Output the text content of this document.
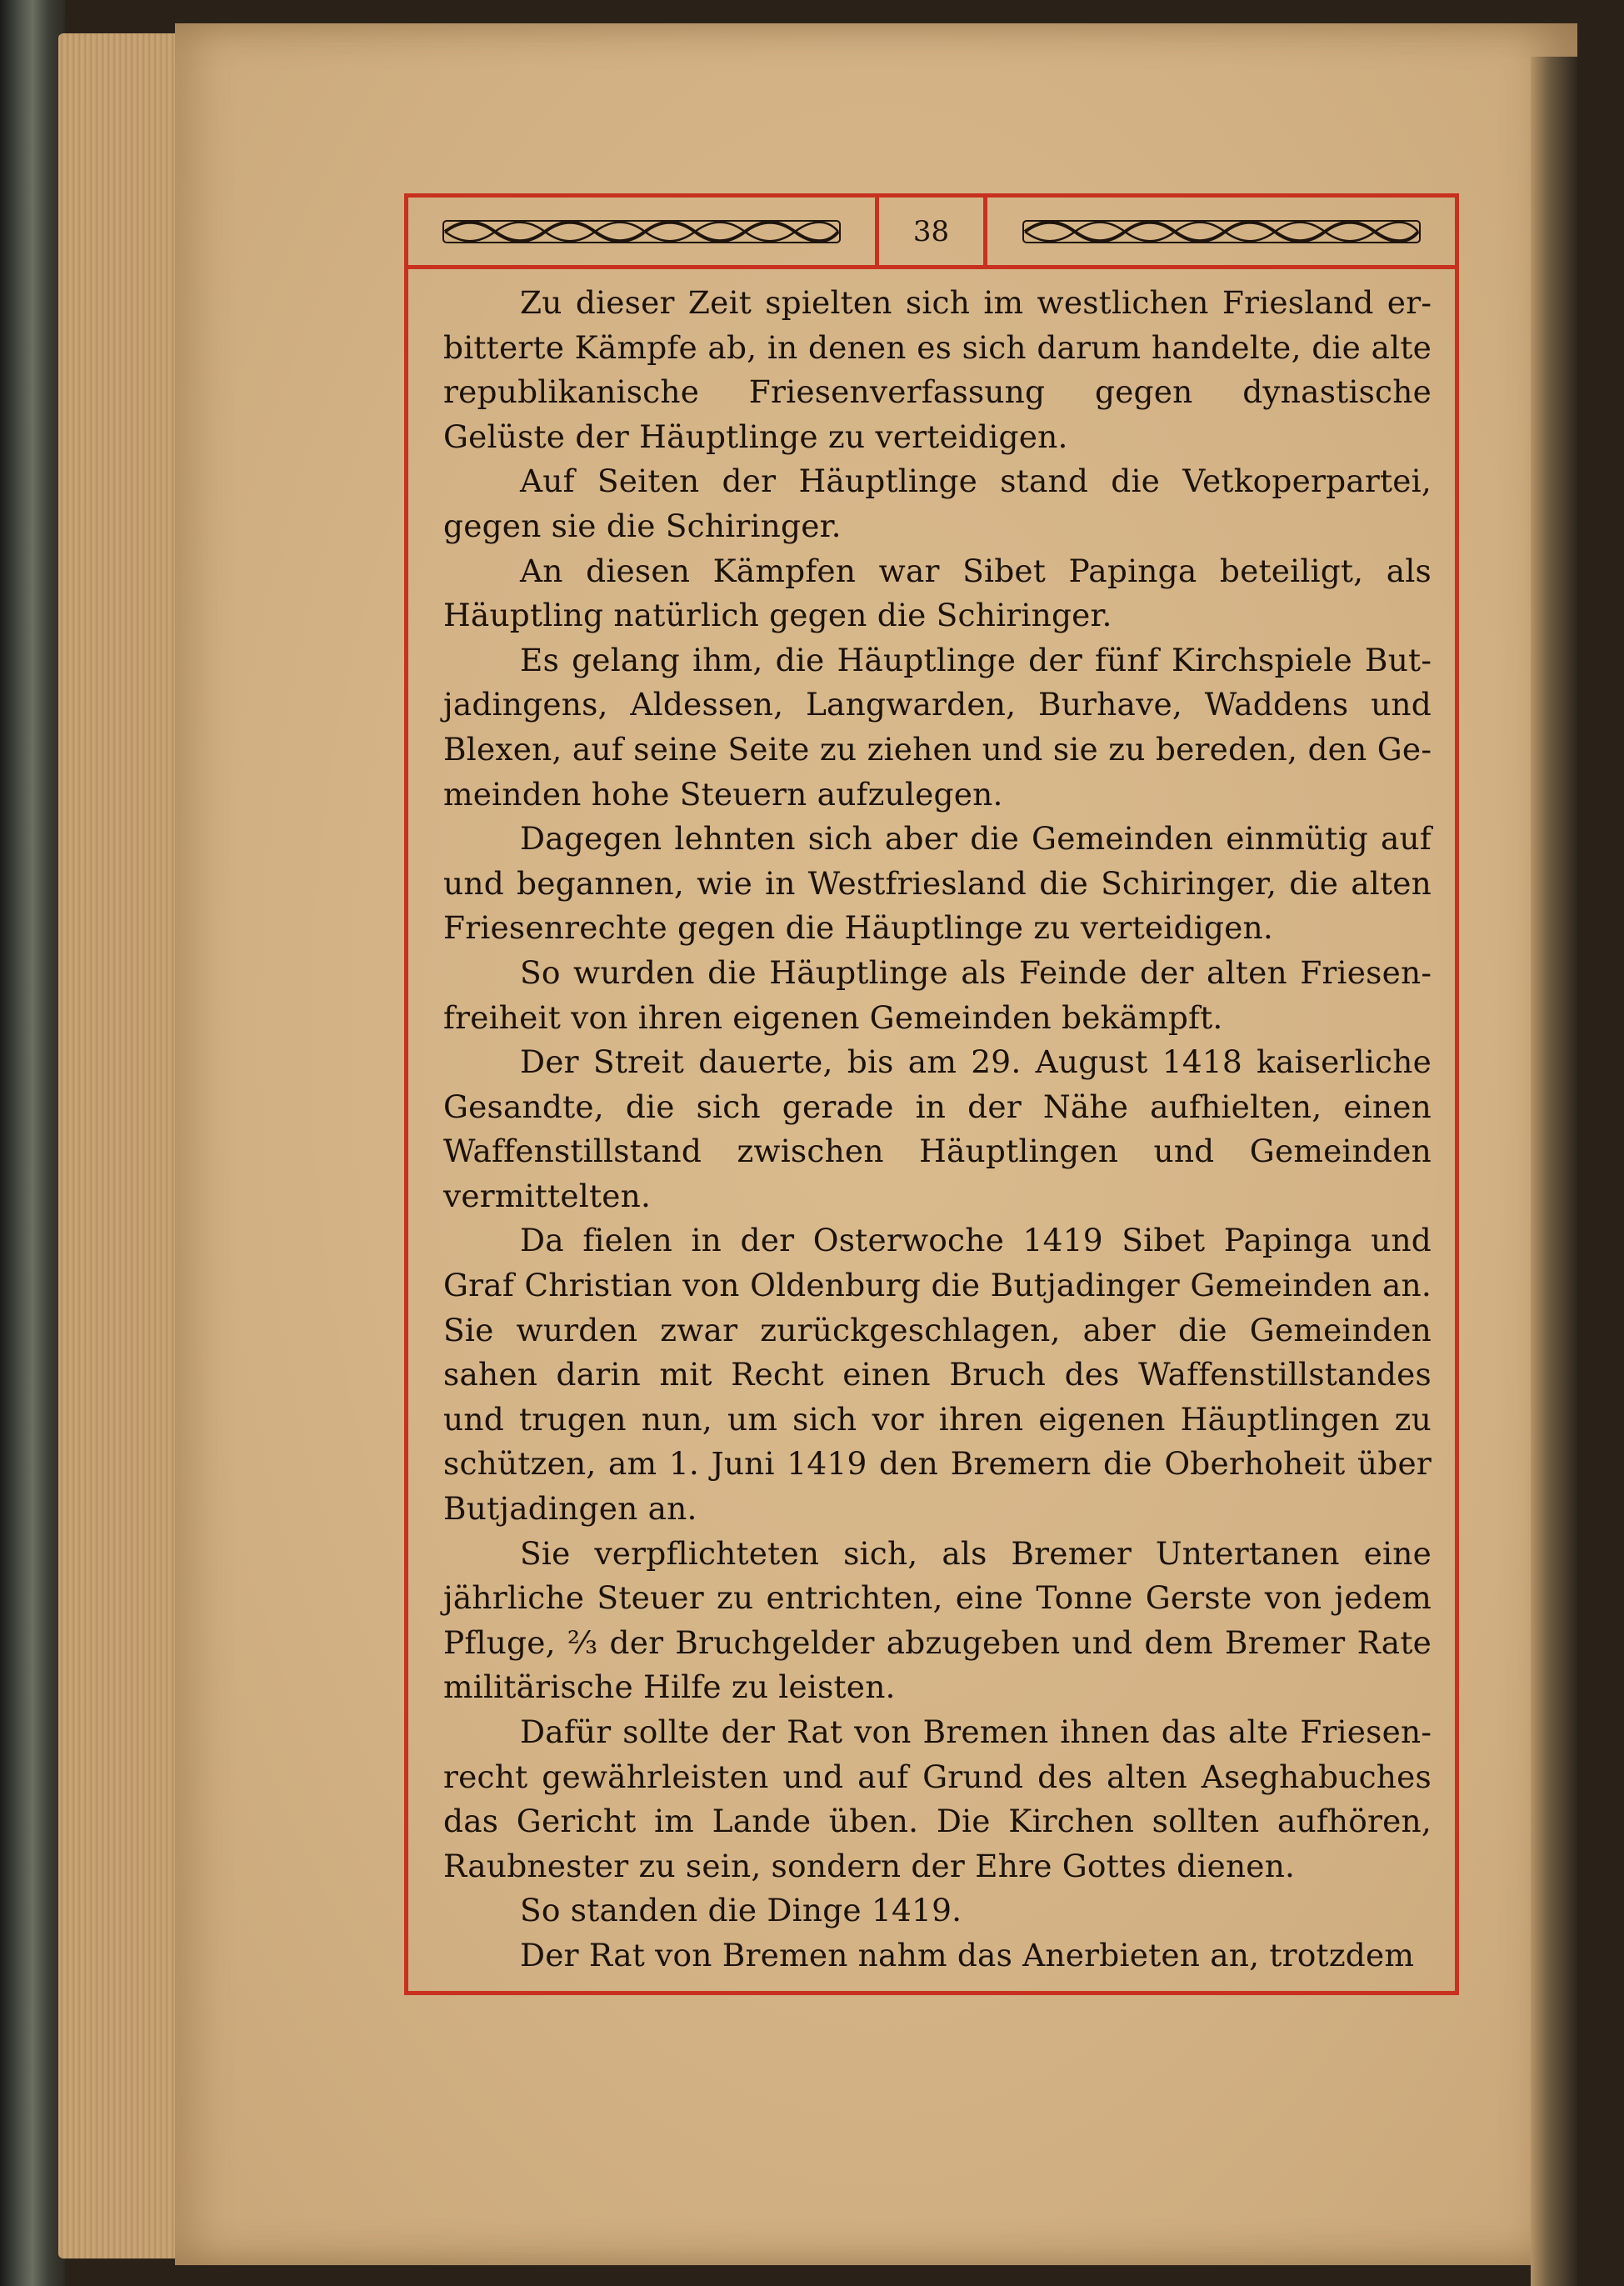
38

Zu dieser Zeit spielten sich im westlichen Friesland erbitterte Kämpfe ab, in denen es sich darum handelte, die alte republikanische Friesenverfassung gegen dynastische Gelüste der Häuptlinge zu verteidigen.

Auf Seiten der Häuptlinge stand die Vetkoperpartei, gegen sie die Schiringer.

An diesen Kämpfen war Sibet Papinga beteiligt, als Häuptling natürlich gegen die Schiringer.

Es gelang ihm, die Häuptlinge der fünf Kirchspiele Butjadingens, Aldessen, Langwarden, Burhave, Waddens und Blexen, auf seine Seite zu ziehen und sie zu bereden, den Gemeinden hohe Steuern aufzulegen.

Dagegen lehnten sich aber die Gemeinden einmütig auf und begannen, wie in Westfriesland die Schiringer, die alten Friesenrechte gegen die Häuptlinge zu verteidigen.

So wurden die Häuptlinge als Feinde der alten Friesenfreiheit von ihren eigenen Gemeinden bekämpft.

Der Streit dauerte, bis am 29. August 1418 kaiserliche Gesandte, die sich gerade in der Nähe aufhielten, einen Waffenstillstand zwischen Häuptlingen und Gemeinden vermittelten.

Da fielen in der Osterwoche 1419 Sibet Papinga und Graf Christian von Oldenburg die Butjadinger Gemeinden an. Sie wurden zwar zurückgeschlagen, aber die Gemeinden sahen darin mit Recht einen Bruch des Waffenstillstandes und trugen nun, um sich vor ihren eigenen Häuptlingen zu schützen, am 1. Juni 1419 den Bremern die Oberhoheit über Butjadingen an.

Sie verpflichteten sich, als Bremer Untertanen eine jährliche Steuer zu entrichten, eine Tonne Gerste von jedem Pfluge, ⅔ der Bruchgelder abzugeben und dem Bremer Rate militärische Hilfe zu leisten.

Dafür sollte der Rat von Bremen ihnen das alte Friesenrecht gewährleisten und auf Grund des alten Aseghabuches das Gericht im Lande üben. Die Kirchen sollten aufhören, Raubnester zu sein, sondern der Ehre Gottes dienen.

So standen die Dinge 1419.

Der Rat von Bremen nahm das Anerbieten an, trotzdem
